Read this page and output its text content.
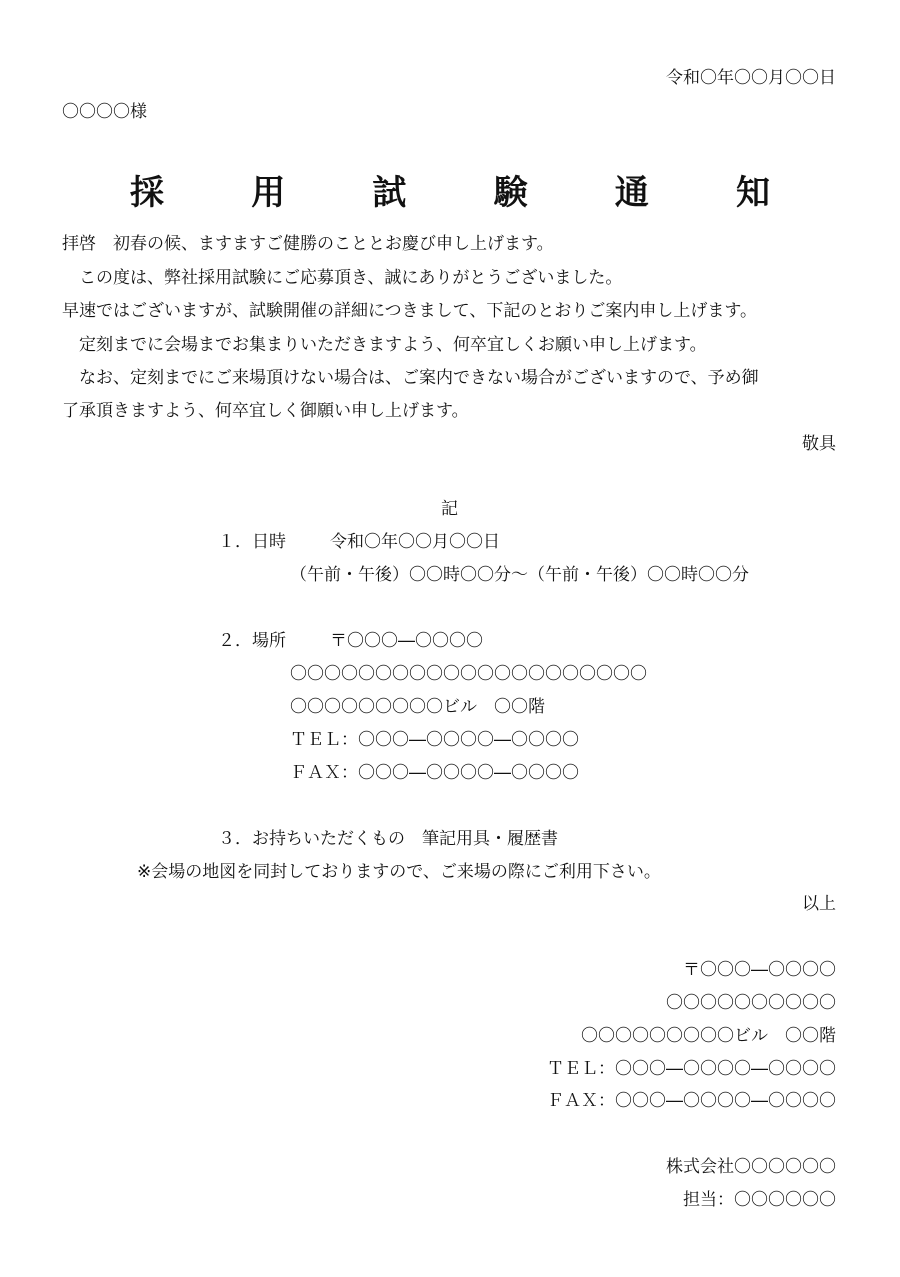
令和〇年〇〇月〇〇日
〇〇〇〇様
採	用	試	験	通	知
拝啓　初春の候、ますますご健勝のこととお慶び申し上げます。
　この度は、弊社採用試験にご応募頂き、誠にありがとうございました。
早速ではございますが、試験開催の詳細につきまして、下記のとおりご案内申し上げます。
　定刻までに会場までお集まりいただきますよう、何卒宜しくお願い申し上げます。
　なお、定刻までにご来場頂けない場合は、ご案内できない場合がございますので、予め御
了承頂きますよう、何卒宜しく御願い申し上げます。
敬具
記
１．日時	令和〇年〇〇月〇〇日
（午前・午後）〇〇時〇〇分～（午前・午後）〇〇時〇〇分
２．場所	〒〇〇〇―〇〇〇〇
〇〇〇〇〇〇〇〇〇〇〇〇〇〇〇〇〇〇〇〇〇
〇〇〇〇〇〇〇〇〇ビル　〇〇階
ＴＥＬ：〇〇〇―〇〇〇〇―〇〇〇〇
ＦＡＸ：〇〇〇―〇〇〇〇―〇〇〇〇
３．お持ちいただくもの　筆記用具・履歴書
※会場の地図を同封しておりますので、ご来場の際にご利用下さい。
以上
〒〇〇〇―〇〇〇〇
〇〇〇〇〇〇〇〇〇〇
〇〇〇〇〇〇〇〇〇ビル　〇〇階
ＴＥＬ：〇〇〇―〇〇〇〇―〇〇〇〇
ＦＡＸ：〇〇〇―〇〇〇〇―〇〇〇〇
株式会社〇〇〇〇〇〇
担当：〇〇〇〇〇〇
